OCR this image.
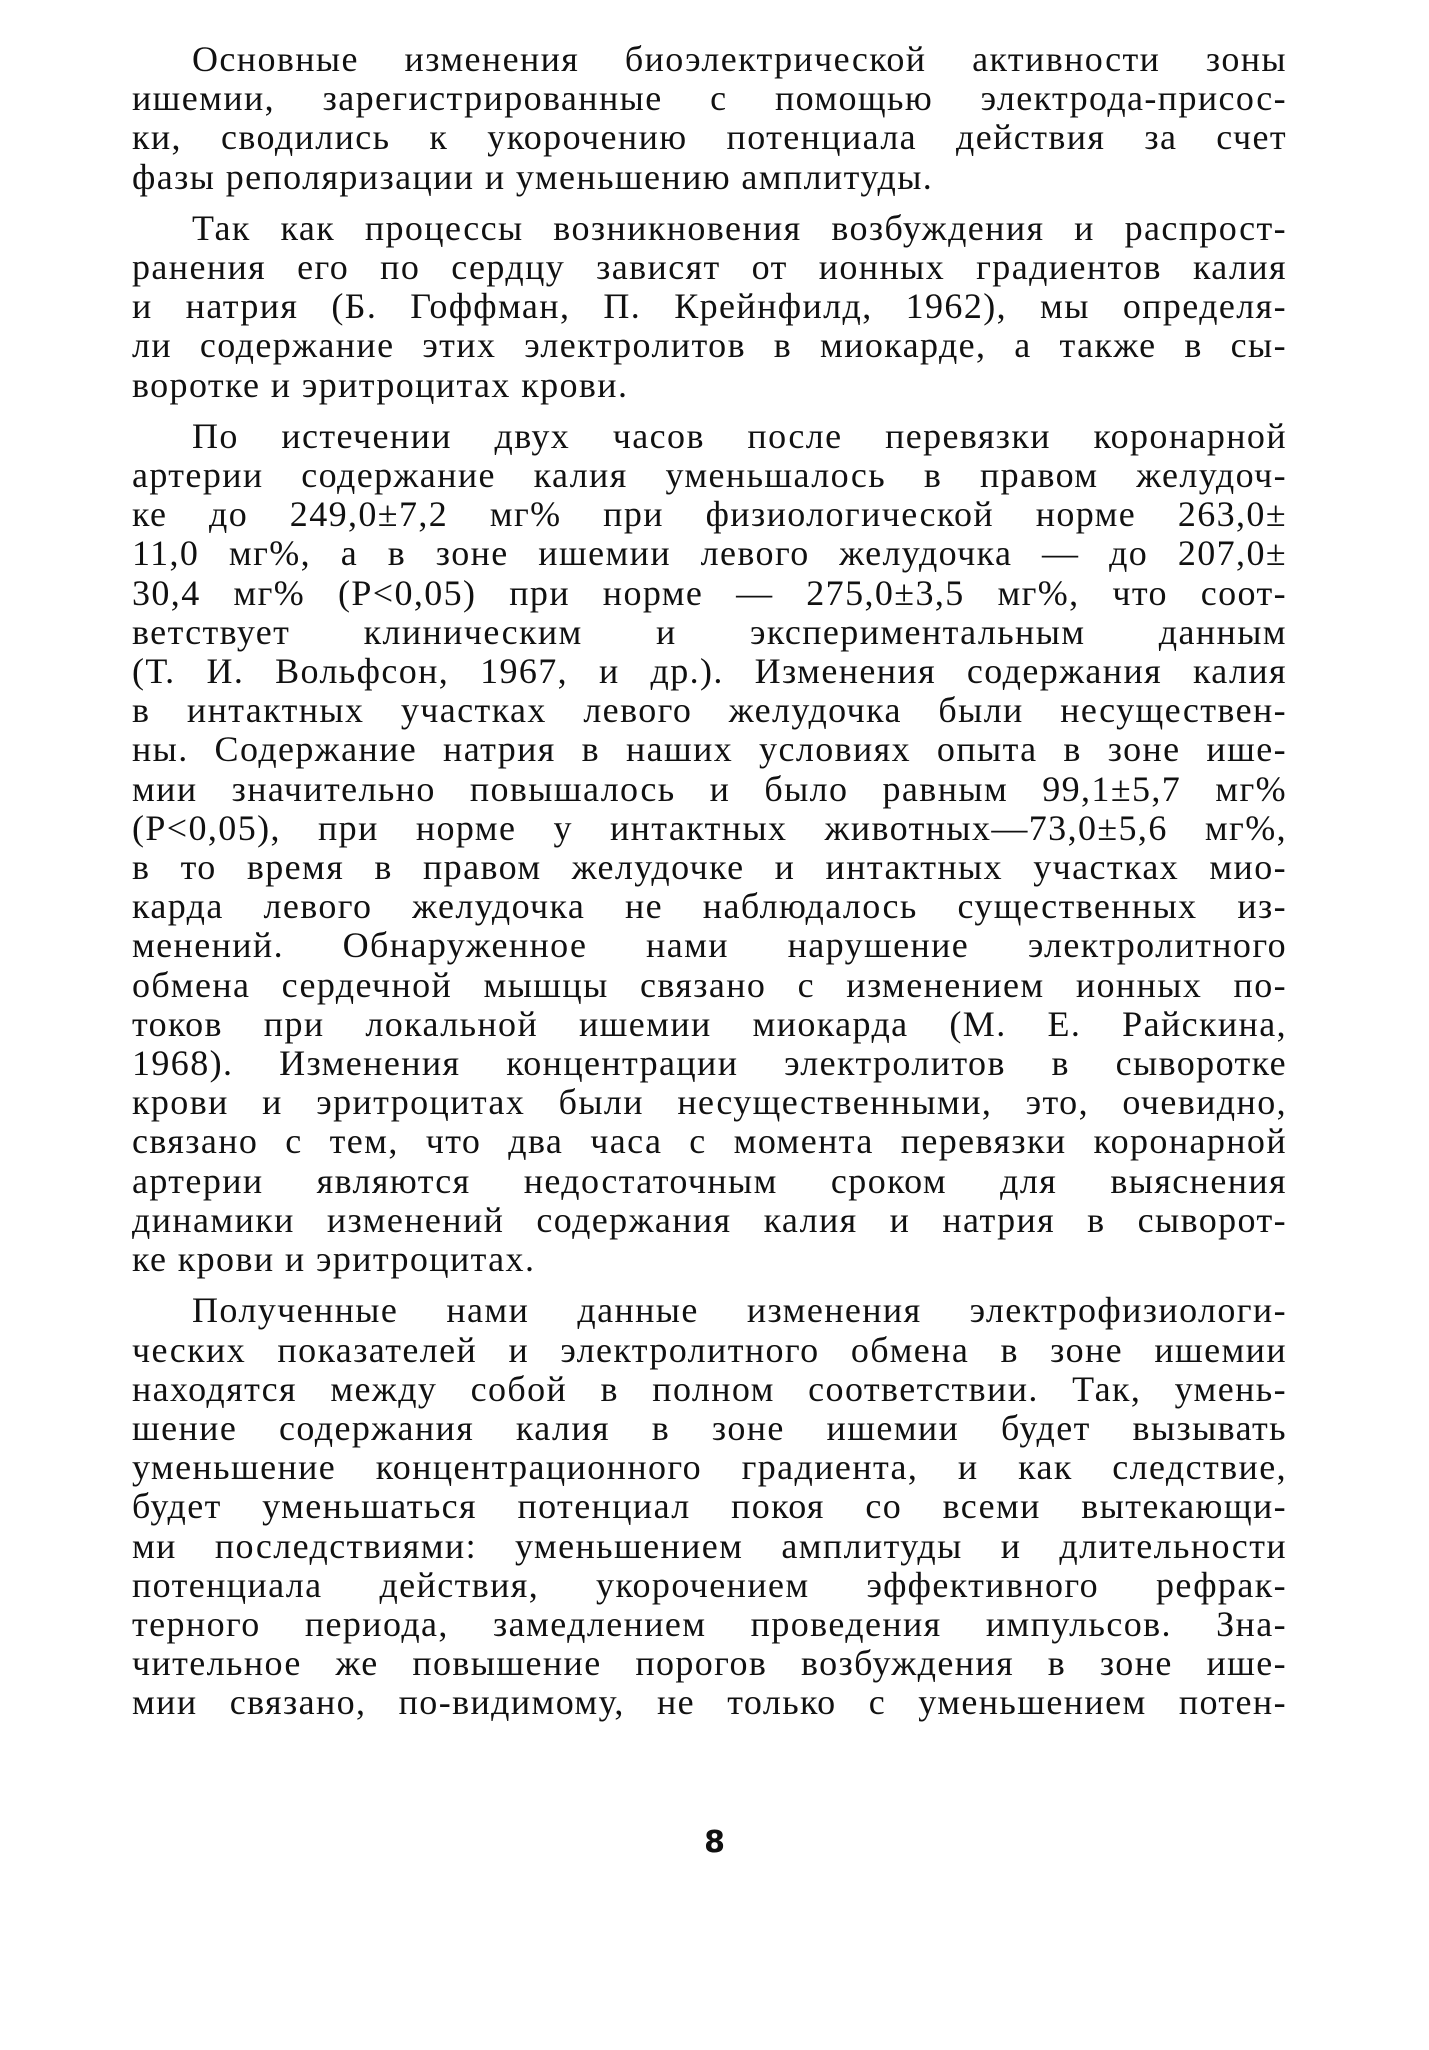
Основные изменения биоэлектрической активности зоны
ишемии, зарегистрированные с помощью электрода-присос-
ки, сводились к укорочению потенциала действия за счет
фазы реполяризации и уменьшению амплитуды.

Так как процессы возникновения возбуждения и распрост-
ранения его по сердцу зависят от ионных градиентов калия
и натрия (Б. Гоффман, П. Крейнфилд, 1962), мы определя-
ли содержание этих электролитов в миокарде, а также в сы-
воротке и эритроцитах крови.

По истечении двух часов после перевязки коронарной
артерии содержание калия уменьшалось в правом желудоч-
ке до 249,0±7,2 мг% при физиологической норме 263,0±
11,0 мг%, а в зоне ишемии левого желудочка — до 207,0±
30,4 мг% (Р<0,05) при норме — 275,0±3,5 мг%, что соот-
ветствует клиническим и экспериментальным данным
(Т. И. Вольфсон, 1967, и др.). Изменения содержания калия
в интактных участках левого желудочка были несуществен-
ны. Содержание натрия в наших условиях опыта в зоне ише-
мии значительно повышалось и было равным 99,1±5,7 мг%
(Р<0,05), при норме у интактных животных—73,0±5,6 мг%,
в то время в правом желудочке и интактных участках мио-
карда левого желудочка не наблюдалось существенных из-
менений. Обнаруженное нами нарушение электролитного
обмена сердечной мышцы связано с изменением ионных по-
токов при локальной ишемии миокарда (М. Е. Райскина,
1968). Изменения концентрации электролитов в сыворотке
крови и эритроцитах были несущественными, это, очевидно,
связано с тем, что два часа с момента перевязки коронарной
артерии являются недостаточным сроком для выяснения
динамики изменений содержания калия и натрия в сыворот-
ке крови и эритроцитах.

Полученные нами данные изменения электрофизиологи-
ческих показателей и электролитного обмена в зоне ишемии
находятся между собой в полном соответствии. Так, умень-
шение содержания калия в зоне ишемии будет вызывать
уменьшение концентрационного градиента, и как следствие,
будет уменьшаться потенциал покоя со всеми вытекающи-
ми последствиями: уменьшением амплитуды и длительности
потенциала действия, укорочением эффективного рефрак-
терного периода, замедлением проведения импульсов. Зна-
чительное же повышение порогов возбуждения в зоне ише-
мии связано, по-видимому, не только с уменьшением потен-

8
